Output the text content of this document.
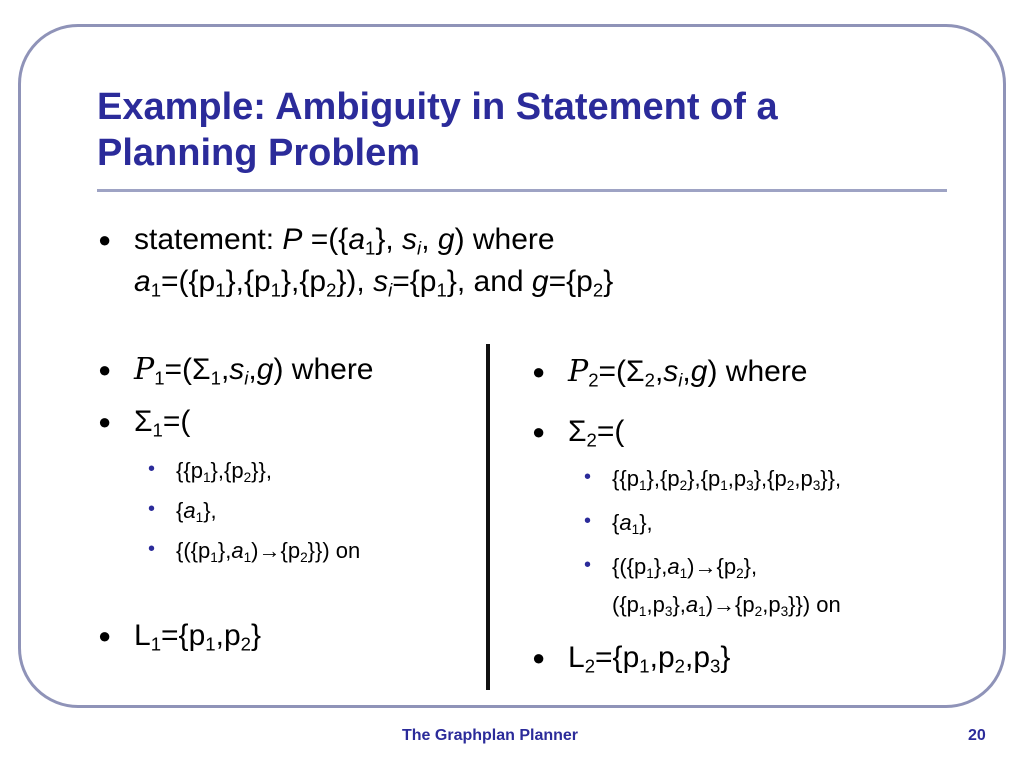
Example: Ambiguity in Statement of a Planning Problem
● statement: $P =(\{a_1\}$, $s_i$, g) where
$a_1=(\{p_1\},\{p_1\},\{p_2\})$, $s_i=\{p_1\}$, and $g=\{p_2\}$
● $P_1=(\Sigma_1,s_i,g)$ where
● $\Sigma_1=$(
• $\{\{p_1\},\{p_2\}\}$,
• $\{a_1\}$,
• $\{(\{p_1\},a_1)\to\{p_2\}\}$) on
● $L_1=\{p_1,p_2\}$
● $P_2=(\Sigma_2,s_i,g)$ where
● $\Sigma_2=$(
• $\{\{p_1\},\{p_2\},\{p_1,p_3\},\{p_2,p_3\}\}$,
• $\{a_1\}$,
• {$(\{p_1\},a_1)\to\{p_2\}$,
$(\{p_1,p_3\},a_1)\to\{p_2,p_3\}$}) on
● $L_2=\{p_1,p_2,p_3\}$
The Graphplan Planner	20
